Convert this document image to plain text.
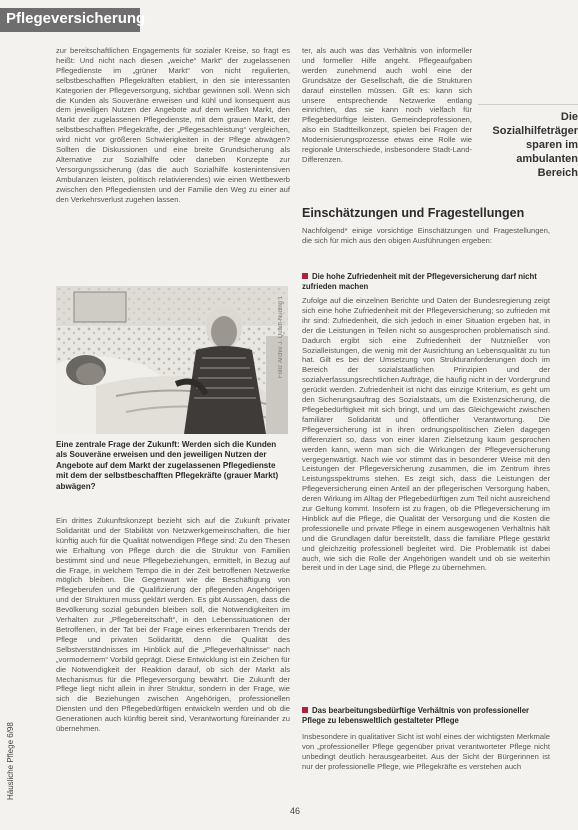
Pflegeversicherung

zur bereitschaftlichen Engagements für sozialer Kreise, so fragt es heißt: Und nicht nach diesen „weiche“ Markt“ der zugelassenen Pflegedienste im „grüner Markt“ von nicht regulierten, selbstbeschafften Pflegekräften etabliert, in den sie interessanten Kategorien der Pflegeversorgung, sichtbar gewinnen soll. Wenn sich die Kunden als Souveräne erweisen und kühl und konsequent aus dem jeweiligen Nutzen der Angebote auf dem weißen Markt, den Markt der zugelassenen Pflegedienste, mit dem grauen Markt, der selbstbeschafften Pflegekräfte, der „Pflegesachleistung“ vergleichen, wird nicht vor größeren Schwierigkeiten in der Pflege abwägen? Sollten die Diskussionen und eine breite Grundsicherung als Alternative zur Sozialhilfe oder daneben Konzepte zur Versorgungssicherung (das die auch Sozialhilfe kostenintensiven Ambulanzen leisten, politisch relativierendes) wie einen Wettbewerb zwischen den Pflegediensten und der Familie den Weg zu einer auf den Verkehrsverlust zugehen lassen.

Foto: Archiv J. Quadt-Nuding 1

Eine zentrale Frage der Zukunft: Werden sich die Kunden als Souveräne erweisen und den jeweiligen Nutzen der Angebote auf dem Markt der zugelassenen Pflegedienste mit dem der selbstbeschafften Pflegekräfte (grauer Markt) abwägen?

Ein drittes Zukunftskonzept bezieht sich auf die Zukunft privater Solidarität und der Stabilität von Netzwerkgemeinschaften, die hier künftig auch für die Qualität notwendigen Pflege sind: Zu den Thesen wie Erhaltung von Pflege durch die die Struktur von Familien bestimmt sind und neue Pflegebeziehungen, ermittelt, in Bezug auf die Frage, in welchem Tempo die in der Zeit betroffenen Netzwerke möglich bleiben. Die Gegenwart wie die Beschäftigung von Pflegeberufen und die Qualifizierung der pflegenden Angehörigen und der Strukturen muss geklärt werden. Es gibt Aussagen, dass die Bevölkerung sozial gebunden bleiben soll, die Notwendigkeiten im Verhalten zur „Pflegebereitschaft“, in den Lebenssituationen der Betroffenen, in der Tat bei der Frage eines erkennbaren Trends der Pflege und privaten Solidarität, denn die Qualität des Selbstverständnisses im Hinblick auf die „Pflegeverhältnisse“ nach „vormodernem“ Vorbild geprägt. Diese Entwicklung ist ein Zeichen für die Notwendigkeit der Reaktion darauf, ob sich der Markt als Mechanismus für die Pflegeversorgung bewährt. Die Zukunft der Pflege liegt nicht allein in ihrer Struktur, sondern in der Frage, wie sich die Beziehungen zwischen Angehörigen, professionellen Diensten und den Pflegebedürftigen entwickeln werden und ob die Generationen auch künftig bereit sind, Verantwortung füreinander zu übernehmen.

ter, als auch was das Verhältnis von informeller und formeller Hilfe angeht. Pflegeaufgaben werden zunehmend auch wohl eine der Grundsätze der Gesellschaft, die die Strukturen darauf einstellen müssen. Gilt es: kann sich unsere entsprechende Netzwerke entlang einrichten, das sie kann noch vielfach für Pflegebedürftige leisten. Gemeindeprofessionen, also ein Stadtteilkonzept, spielen bei Fragen der Modernisierungsprozesse etwas eine Rolle wie regionale Unterschiede, insbesondere Stadt-Land-Differenzen.

Die Sozialhilfeträger sparen im ambulanten Bereich
Einschätzungen und Fragestellungen

Nachfolgend* einige vorsichtige Einschätzungen und Fragestellungen, die sich für mich aus den obigen Ausführungen ergeben:

Die hohe Zufriedenheit mit der Pflegeversicherung darf nicht zufrieden machen

Zufolge auf die einzelnen Berichte und Daten der Bundesregierung zeigt sich eine hohe Zufriedenheit mit der Pflegeversicherung; so zufrieden mit ihr sind: Zufriedenheit, die sich jedoch in einer Situation ergeben hat, in der die Leistungen in Teilen nicht so ausgesprochen problematisch sind. Dadurch ergibt sich eine Zufriedenheit der Nutznießer von Sozialleistungen, die wenig mit der Ausrichtung an Lebensqualität zu tun hat. Gilt es bei der Umsetzung von Strukturanforderungen doch im Bereich der sozialstaatlichen Prinzipien und der sozialverfassungsrechtlichen Aufträge, die häufig nicht in der Vordergrund gerückt werden. Zufriedenheit ist nicht das einzige Kriterium, es geht um den Sicherungsauftrag des Sozialstaats, um die Existenzsicherung, die Pflegebedürftigkeit mit sich bringt, und um das Gleichgewicht zwischen familiärer Solidarität und öffentlicher Verantwortung. Die Pflegeversicherung ist in ihren ordnungspolitischen Zielen dagegen differenziert so, dass von einer klaren Zielsetzung kaum gesprochen werden kann, wenn man sich die Wirkungen der Pflegeversicherung vergegenwärtigt. Nach wie vor stimmt das in besonderer Weise mit den Leistungen der Pflegeversicherung zusammen, die im Zentrum ihres Leistungsspektrums stehen. Es zeigt sich, dass die Leistungen der Pflegeversicherung einen Anteil an der pflegerischen Versorgung haben, deren Wirkung im Alltag der Pflegebedürftigen zum Teil nicht ausreichend zur Geltung kommt. Insofern ist zu fragen, ob die Pflegeversicherung im Hinblick auf die Pflege, die Qualität der Versorgung und die Kosten die professionelle und private Pflege in einem ausgewogenen Verhältnis hält und die Grundlagen dafür bereitstellt, dass die familiäre Pflege gestärkt und gleichzeitig professionell begleitet wird. Die Problematik ist dabei auch, wie sich die Rolle der Angehörigen wandelt und ob sie weiterhin bereit und in der Lage sind, die Pflege zu übernehmen.

Das bearbeitungsbedürftige Verhältnis von professioneller Pflege zu lebensweltlich gestalteter Pflege

Insbesondere in qualitativer Sicht ist wohl eines der wichtigsten Merkmale von „professioneller Pflege gegenüber privat verantworteter Pflege nicht unbedingt deutlich herausgearbeitet. Aus der Sicht der Bürgerinnen ist nur der professionelle Pflege, wie Pflegekräfte es verstehen auch

46
Häusliche Pflege 6/98
